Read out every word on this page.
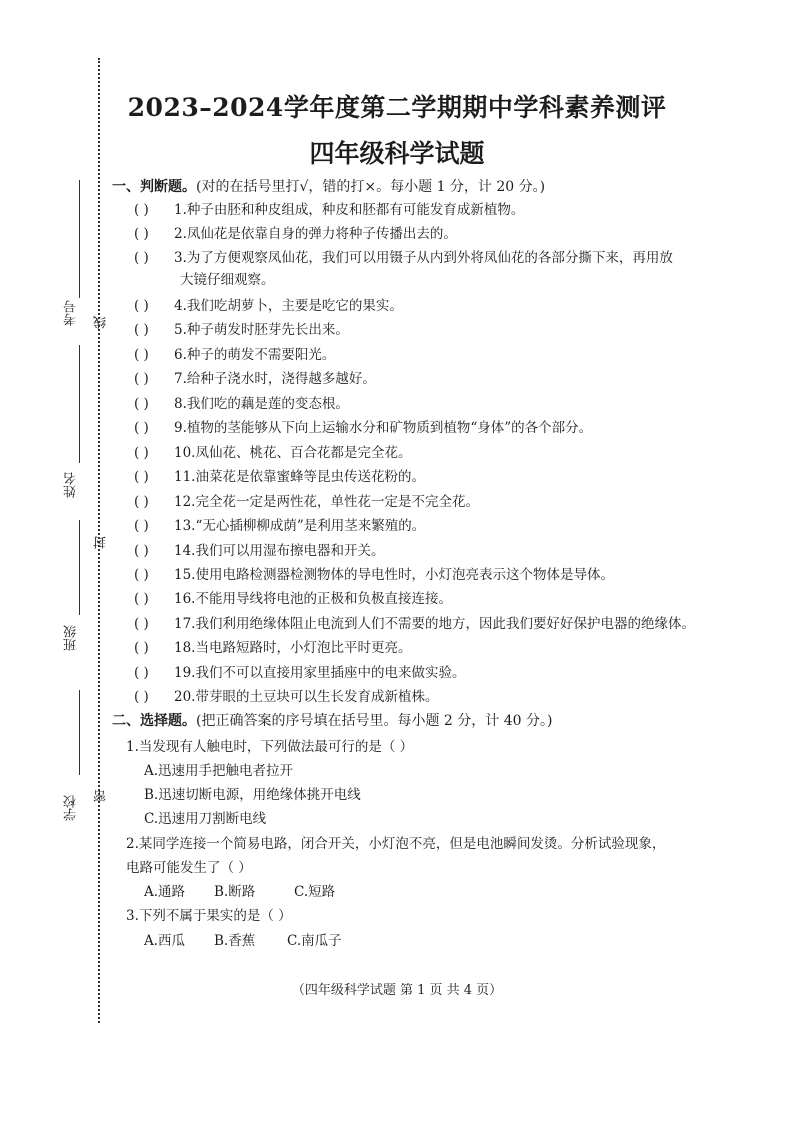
考号 线
姓名
封
班级
学校 密
2023–2024学年度第二学期期中学科素养测评
四年级科学试题
一、判断题。(对的在括号里打√，错的打×。每小题 1 分，计 20 分。)
( ) 1.种子由胚和种皮组成，种皮和胚都有可能发育成新植物。
( ) 2.凤仙花是依靠自身的弹力将种子传播出去的。
( ) 3.为了方便观察凤仙花，我们可以用镊子从内到外将凤仙花的各部分撕下来，再用放
大镜仔细观察。
( ) 4.我们吃胡萝卜，主要是吃它的果实。
( ) 5.种子萌发时胚芽先长出来。
( ) 6.种子的萌发不需要阳光。
( ) 7.给种子浇水时，浇得越多越好。
( ) 8.我们吃的藕是莲的变态根。
( ) 9.植物的茎能够从下向上运输水分和矿物质到植物“身体”的各个部分。
( ) 10.凤仙花、桃花、百合花都是完全花。
( ) 11.油菜花是依靠蜜蜂等昆虫传送花粉的。
( ) 12.完全花一定是两性花，单性花一定是不完全花。
( ) 13.“无心插柳柳成荫”是利用茎来繁殖的。
( ) 14.我们可以用湿布擦电器和开关。
( ) 15.使用电路检测器检测物体的导电性时，小灯泡亮表示这个物体是导体。
( ) 16.不能用导线将电池的正极和负极直接连接。
( ) 17.我们利用绝缘体阻止电流到人们不需要的地方，因此我们要好好保护电器的绝缘体。
( ) 18.当电路短路时，小灯泡比平时更亮。
( ) 19.我们不可以直接用家里插座中的电来做实验。
( ) 20.带芽眼的土豆块可以生长发育成新植株。
二、选择题。(把正确答案的序号填在括号里。每小题 2 分，计 40 分。)
1.当发现有人触电时，下列做法最可行的是（ ）
A.迅速用手把触电者拉开
B.迅速切断电源，用绝缘体挑开电线
C.迅速用刀割断电线
2.某同学连接一个简易电路，闭合开关，小灯泡不亮，但是电池瞬间发烫。分析试验现象，
电路可能发生了（ ）
A.通路 B.断路	C.短路
3.下列不属于果实的是（ ）
A.西瓜 B.香蕉 C.南瓜子
（四年级科学试题 第 1 页 共 4 页）
